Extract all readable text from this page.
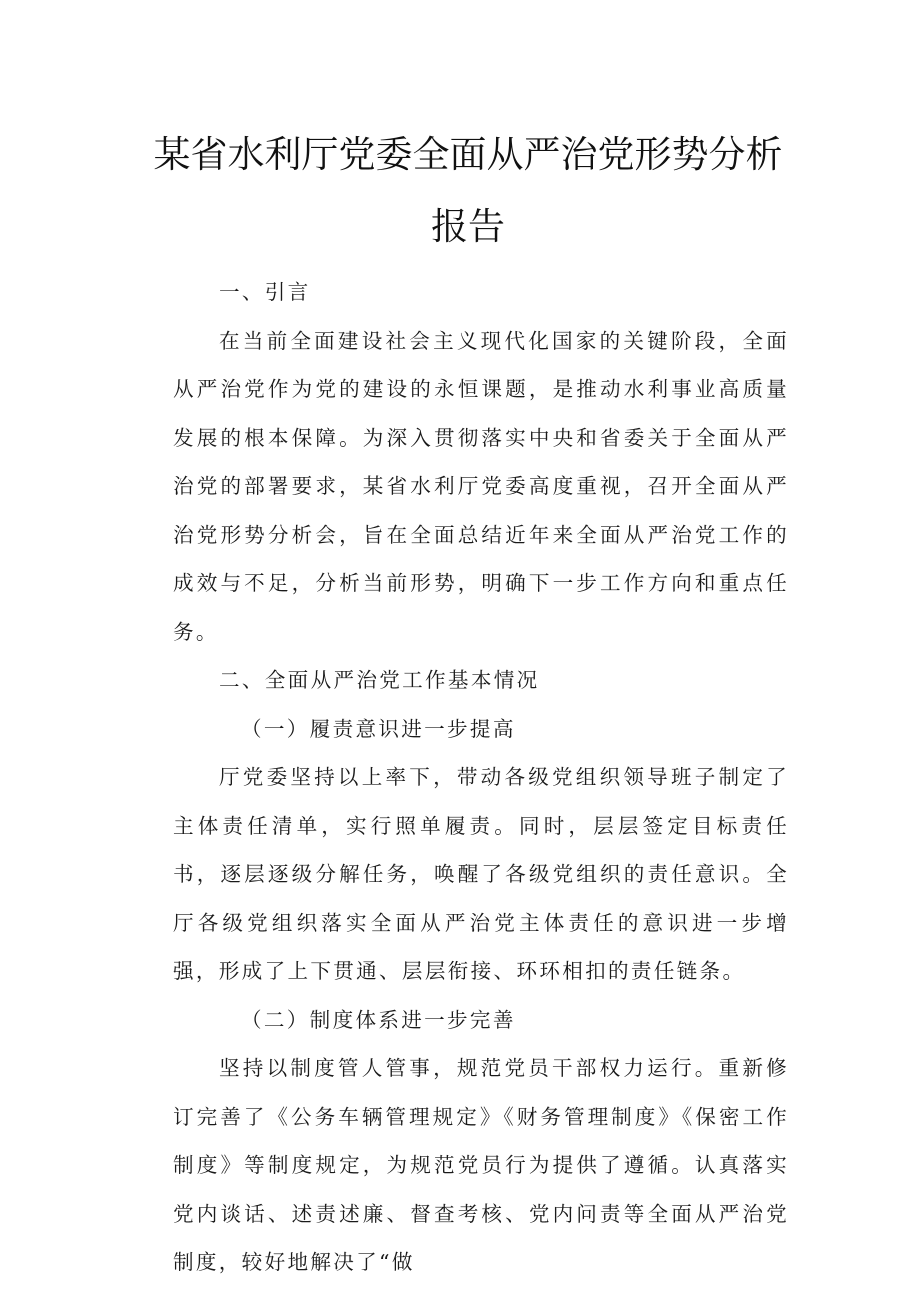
某省水利厅党委全面从严治党形势分析
报告

一、引言

在当前全面建设社会主义现代化国家的关键阶段，全面从严治党作为党的建设的永恒课题，是推动水利事业高质量发展的根本保障。为深入贯彻落实中央和省委关于全面从严治党的部署要求，某省水利厅党委高度重视，召开全面从严治党形势分析会，旨在全面总结近年来全面从严治党工作的成效与不足，分析当前形势，明确下一步工作方向和重点任务。

二、全面从严治党工作基本情况

（一）履责意识进一步提高

厅党委坚持以上率下，带动各级党组织领导班子制定了主体责任清单，实行照单履责。同时，层层签定目标责任书，逐层逐级分解任务，唤醒了各级党组织的责任意识。全厅各级党组织落实全面从严治党主体责任的意识进一步增强，形成了上下贯通、层层衔接、环环相扣的责任链条。

（二）制度体系进一步完善

坚持以制度管人管事，规范党员干部权力运行。重新修订完善了《公务车辆管理规定》《财务管理制度》《保密工作制度》等制度规定，为规范党员行为提供了遵循。认真落实党内谈话、述责述廉、督查考核、党内问责等全面从严治党制度，较好地解决了“做
